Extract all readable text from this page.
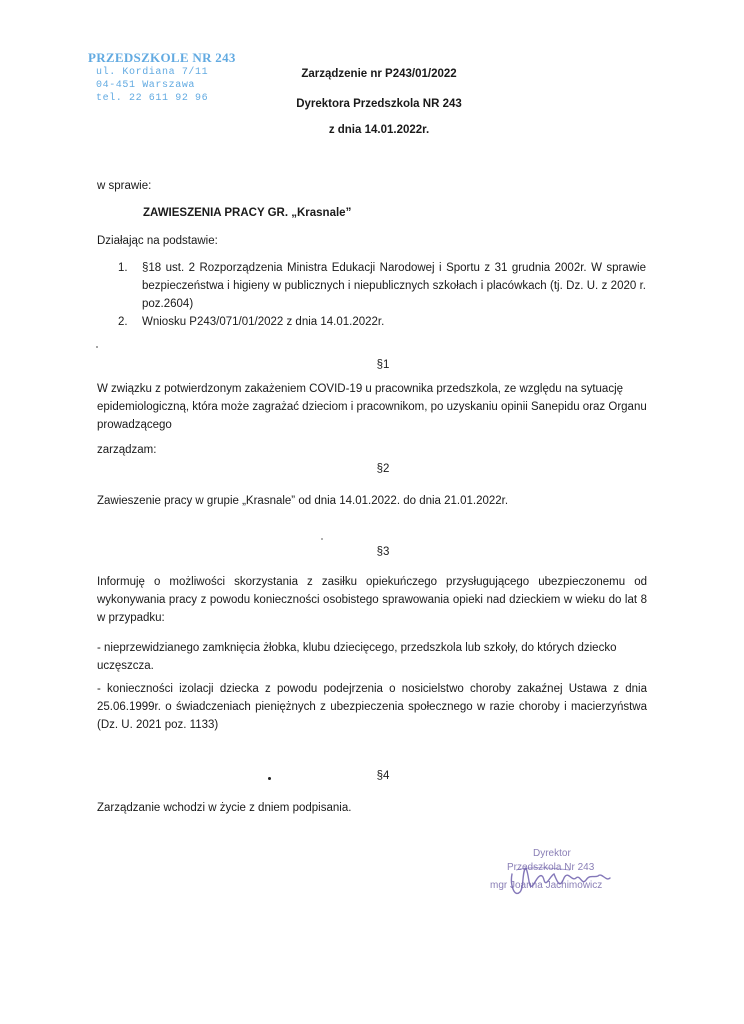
PRZEDSZKOLE NR 243
ul. Kordiana 7/11
04-451 Warszawa
tel. 22 611 92 96
Zarządzenie nr P243/01/2022
Dyrektora Przedszkola NR 243
z dnia 14.01.2022r.
w sprawie:
ZAWIESZENIA PRACY GR. „Krasnale”
Działając na podstawie:
1.	§18 ust. 2 Rozporządzenia Ministra Edukacji Narodowej i Sportu z 31 grudnia 2002r. W sprawie bezpieczeństwa i higieny w publicznych i niepublicznych szkołach i placówkach (tj. Dz. U. z 2020 r. poz.2604)
2.	Wniosku P243/071/01/2022 z dnia 14.01.2022r.
§1
W związku z potwierdzonym zakażeniem COVID-19 u pracownika przedszkola, ze względu na sytuację epidemiologiczną, która może zagrażać dzieciom i pracownikom, po uzyskaniu opinii Sanepidu oraz Organu prowadzącego
zarządzam:
§2
Zawieszenie pracy w grupie „Krasnale” od dnia 14.01.2022. do dnia 21.01.2022r.
§3
Informuję o możliwości skorzystania z zasiłku opiekuńczego przysługującego ubezpieczonemu od wykonywania pracy z powodu konieczności osobistego sprawowania opieki nad dzieckiem w wieku do lat 8 w przypadku:
- nieprzewidzianego zamknięcia żłobka, klubu dziecięcego, przedszkola lub szkoły, do których dziecko uczęszcza.
- konieczności izolacji dziecka z powodu podejrzenia o nosicielstwo choroby zakaźnej Ustawa z dnia 25.06.1999r. o świadczeniach pieniężnych z ubezpieczenia społecznego w razie choroby i macierzyństwa (Dz. U. 2021 poz. 1133)
§4
Zarządzanie wchodzi w życie z dniem podpisania.
Dyrektor
Przedszkola Nr 243
mgr Joanna Jachimowicz
